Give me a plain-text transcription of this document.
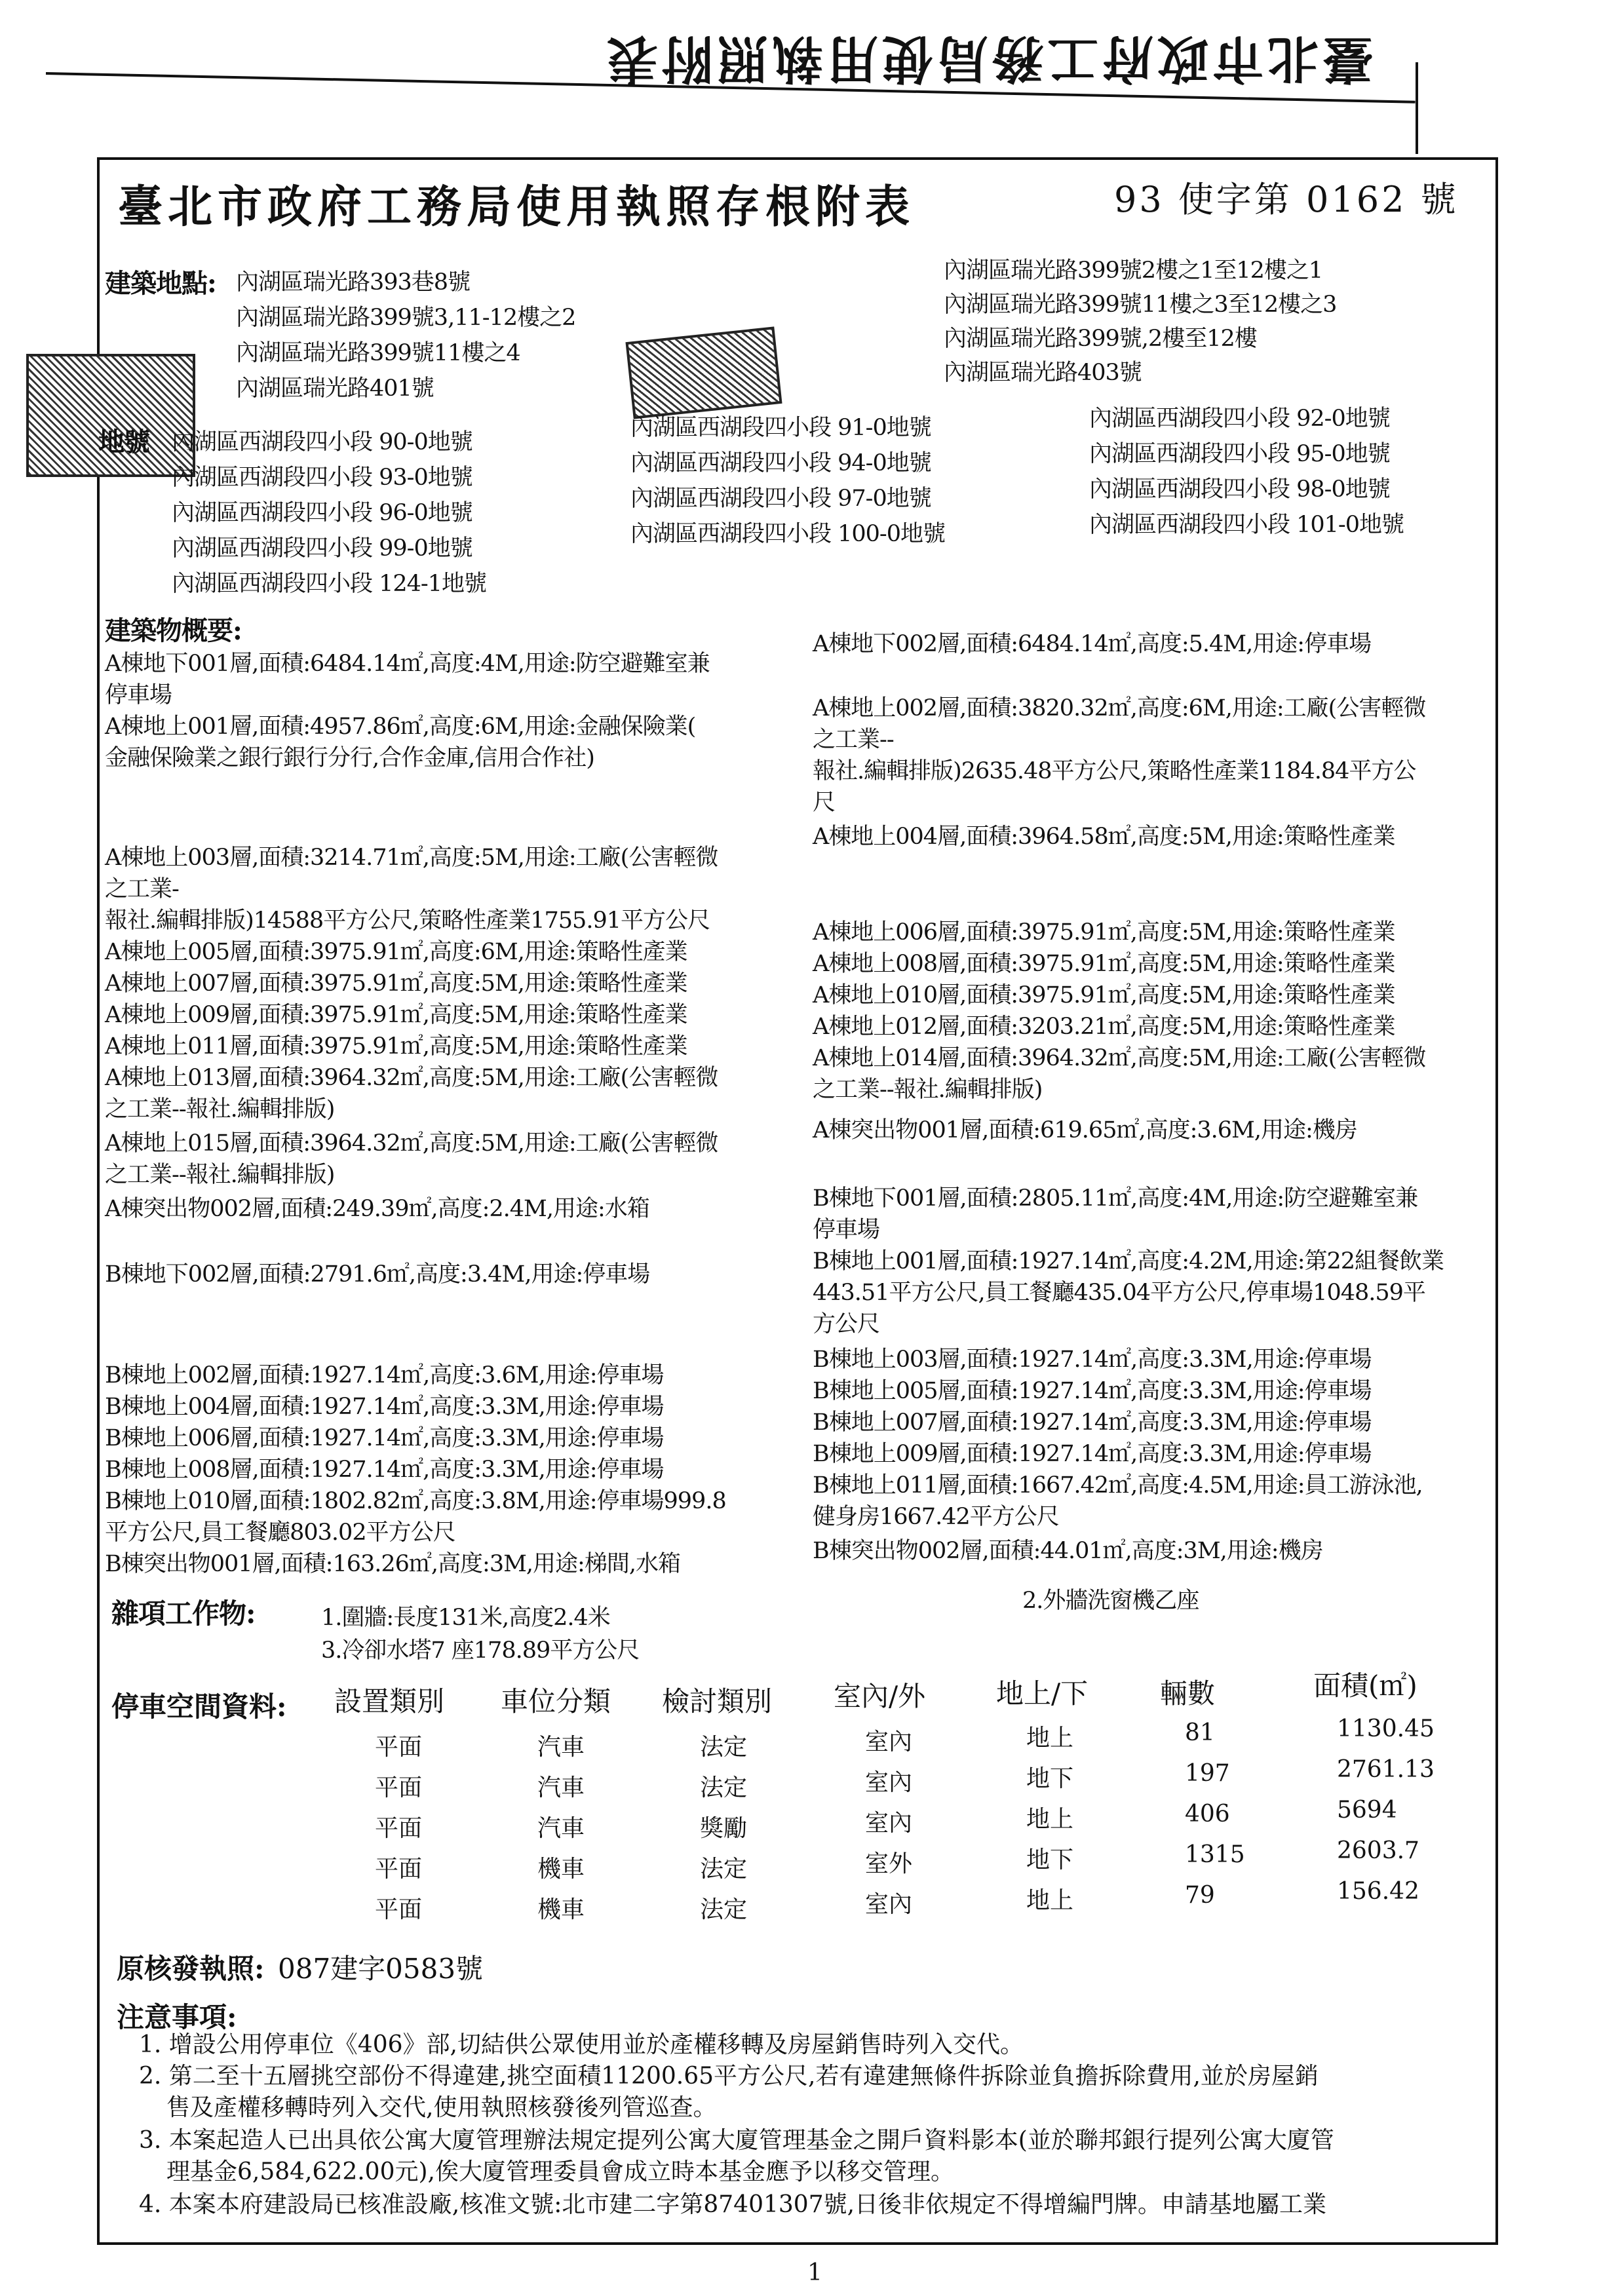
臺北市政府工務局使用執照附表
臺北市政府工務局使用執照存根附表	93 使字第 0162 號
建築地點: 內湖區瑞光路393巷8號
內湖區瑞光路399號3,11-12樓之2
內湖區瑞光路399號11樓之4
內湖區瑞光路401號
內湖區瑞光路399號2樓之1至12樓之1
內湖區瑞光路399號11樓之3至12樓之3
內湖區瑞光路399號,2樓至12樓
內湖區瑞光路403號
地號 內湖區西湖段四小段 90-0地號
內湖區西湖段四小段 93-0地號
內湖區西湖段四小段 96-0地號
內湖區西湖段四小段 99-0地號
內湖區西湖段四小段 124-1地號
內湖區西湖段四小段 91-0地號
內湖區西湖段四小段 94-0地號
內湖區西湖段四小段 97-0地號
內湖區西湖段四小段 100-0地號
內湖區西湖段四小段 92-0地號
內湖區西湖段四小段 95-0地號
內湖區西湖段四小段 98-0地號
內湖區西湖段四小段 101-0地號
建築物概要:
A棟地下001層,面積:6484.14㎡,高度:4M,用途:防空避難室兼
停車場
A棟地上001層,面積:4957.86㎡,高度:6M,用途:金融保險業(
金融保險業之銀行銀行分行,合作金庫,信用合作社)
A棟地上003層,面積:3214.71㎡,高度:5M,用途:工廠(公害輕微
之工業-
報社.編輯排版)14588平方公尺,策略性產業1755.91平方公尺
A棟地上005層,面積:3975.91㎡,高度:6M,用途:策略性產業
A棟地上007層,面積:3975.91㎡,高度:5M,用途:策略性產業
A棟地上009層,面積:3975.91㎡,高度:5M,用途:策略性產業
A棟地上011層,面積:3975.91㎡,高度:5M,用途:策略性產業
A棟地上013層,面積:3964.32㎡,高度:5M,用途:工廠(公害輕微
之工業--報社.編輯排版)
A棟地上015層,面積:3964.32㎡,高度:5M,用途:工廠(公害輕微
之工業--報社.編輯排版)
A棟突出物002層,面積:249.39㎡,高度:2.4M,用途:水箱
B棟地下002層,面積:2791.6㎡,高度:3.4M,用途:停車場
B棟地上002層,面積:1927.14㎡,高度:3.6M,用途:停車場
B棟地上004層,面積:1927.14㎡,高度:3.3M,用途:停車場
B棟地上006層,面積:1927.14㎡,高度:3.3M,用途:停車場
B棟地上008層,面積:1927.14㎡,高度:3.3M,用途:停車場
B棟地上010層,面積:1802.82㎡,高度:3.8M,用途:停車場999.8
平方公尺,員工餐廳803.02平方公尺
B棟突出物001層,面積:163.26㎡,高度:3M,用途:梯間,水箱
A棟地下002層,面積:6484.14㎡,高度:5.4M,用途:停車場
A棟地上002層,面積:3820.32㎡,高度:6M,用途:工廠(公害輕微
之工業--
報社.編輯排版)2635.48平方公尺,策略性產業1184.84平方公
尺
A棟地上004層,面積:3964.58㎡,高度:5M,用途:策略性產業
A棟地上006層,面積:3975.91㎡,高度:5M,用途:策略性產業
A棟地上008層,面積:3975.91㎡,高度:5M,用途:策略性產業
A棟地上010層,面積:3975.91㎡,高度:5M,用途:策略性產業
A棟地上012層,面積:3203.21㎡,高度:5M,用途:策略性產業
A棟地上014層,面積:3964.32㎡,高度:5M,用途:工廠(公害輕微
之工業--報社.編輯排版)
A棟突出物001層,面積:619.65㎡,高度:3.6M,用途:機房
B棟地下001層,面積:2805.11㎡,高度:4M,用途:防空避難室兼
停車場
B棟地上001層,面積:1927.14㎡,高度:4.2M,用途:第22組餐飲業
443.51平方公尺,員工餐廳435.04平方公尺,停車場1048.59平
方公尺
B棟地上003層,面積:1927.14㎡,高度:3.3M,用途:停車場
B棟地上005層,面積:1927.14㎡,高度:3.3M,用途:停車場
B棟地上007層,面積:1927.14㎡,高度:3.3M,用途:停車場
B棟地上009層,面積:1927.14㎡,高度:3.3M,用途:停車場
B棟地上011層,面積:1667.42㎡,高度:4.5M,用途:員工游泳池,
健身房1667.42平方公尺
B棟突出物002層,面積:44.01㎡,高度:3M,用途:機房
雜項工作物:	1.圍牆:長度131米,高度2.4米
3.冷卻水塔7 座178.89平方公尺
2.外牆洗窗機乙座
停車空間資料: 設置類別 車位分類 檢討類別 室內/外	地上/下	輛數	面積(㎡)
平面	汽車	法定	室內	地上	81	1130.45
平面	汽車	法定	室內	地下	197	2761.13
平面	汽車	獎勵	室內	地上	406	5694
平面	機車	法定	室外	地下	1315	2603.7
平面	機車	法定	室內	地上	79	156.42
原核發執照: 087建字0583號
注意事項:
1. 增設公用停車位《406》部,切結供公眾使用並於產權移轉及房屋銷售時列入交代。
2. 第二至十五層挑空部份不得違建,挑空面積11200.65平方公尺,若有違建無條件拆除並負擔拆除費用,並於房屋銷
售及產權移轉時列入交代,使用執照核發後列管巡查。
3. 本案起造人已出具依公寓大廈管理辦法規定提列公寓大廈管理基金之開戶資料影本(並於聯邦銀行提列公寓大廈管
理基金6,584,622.00元),俟大廈管理委員會成立時本基金應予以移交管理。
4. 本案本府建設局已核准設廠,核准文號:北市建二字第87401307號,日後非依規定不得增編門牌。申請基地屬工業
1
